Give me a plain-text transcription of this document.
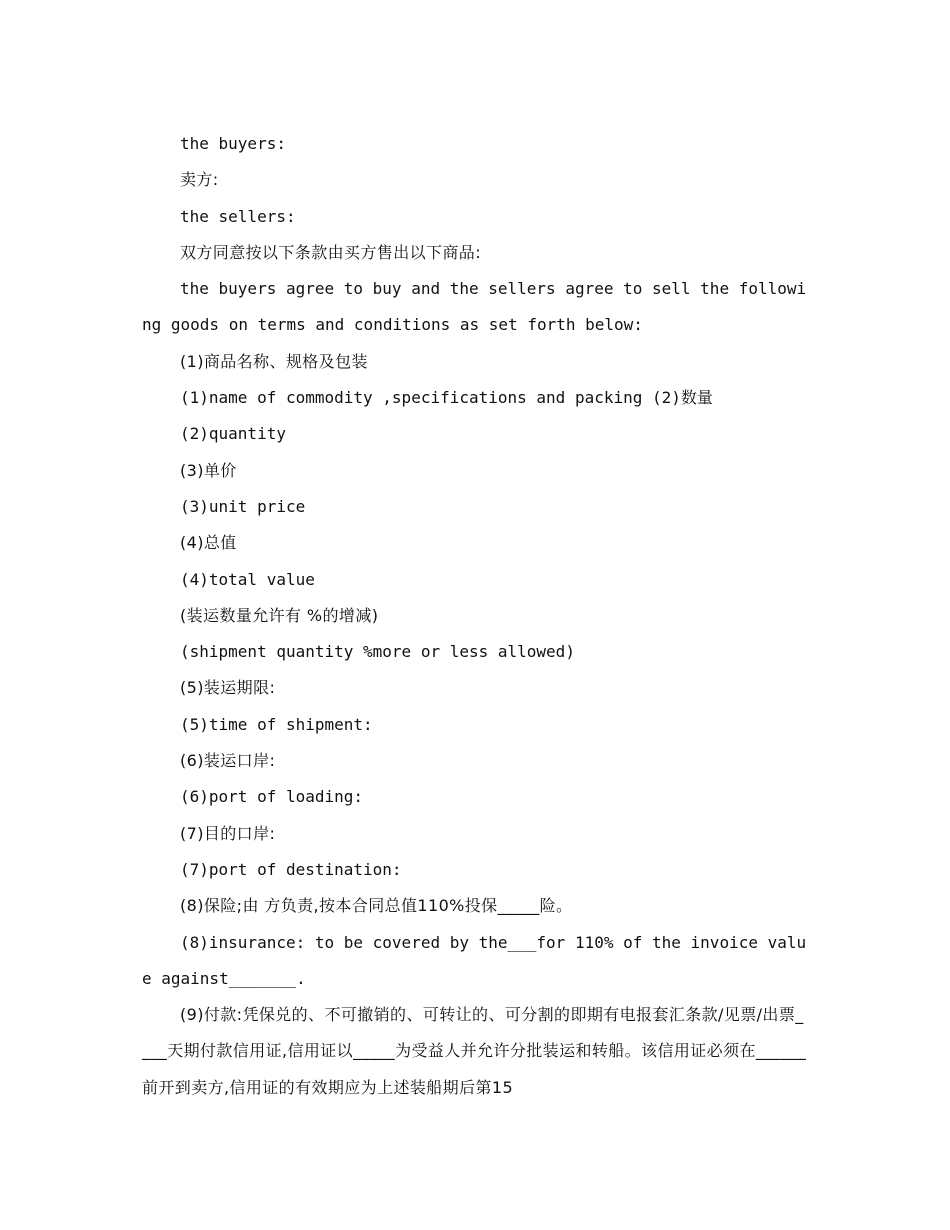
the buyers:

卖方:

the sellers:

双方同意按以下条款由买方售出以下商品:

the buyers agree to buy and the sellers agree to sell the following goods on terms and conditions as set forth below:

(1)商品名称、规格及包装

(1)name of commodity ,specifications and packing (2)数量

(2)quantity

(3)单价

(3)unit price

(4)总值

(4)total value

(装运数量允许有 %的增减)

(shipment quantity %more or less allowed)

(5)装运期限:

(5)time of shipment:

(6)装运口岸:

(6)port of loading:

(7)目的口岸:

(7)port of destination:

(8)保险;由 方负责,按本合同总值110%投保_____险。

(8)insurance: to be covered by the___for 110% of the invoice value against_______.

(9)付款:凭保兑的、不可撤销的、可转让的、可分割的即期有电报套汇条款/见票/出票____天期付款信用证,信用证以_____为受益人并允许分批装运和转船。该信用证必须在______前开到卖方,信用证的有效期应为上述装船期后第15
